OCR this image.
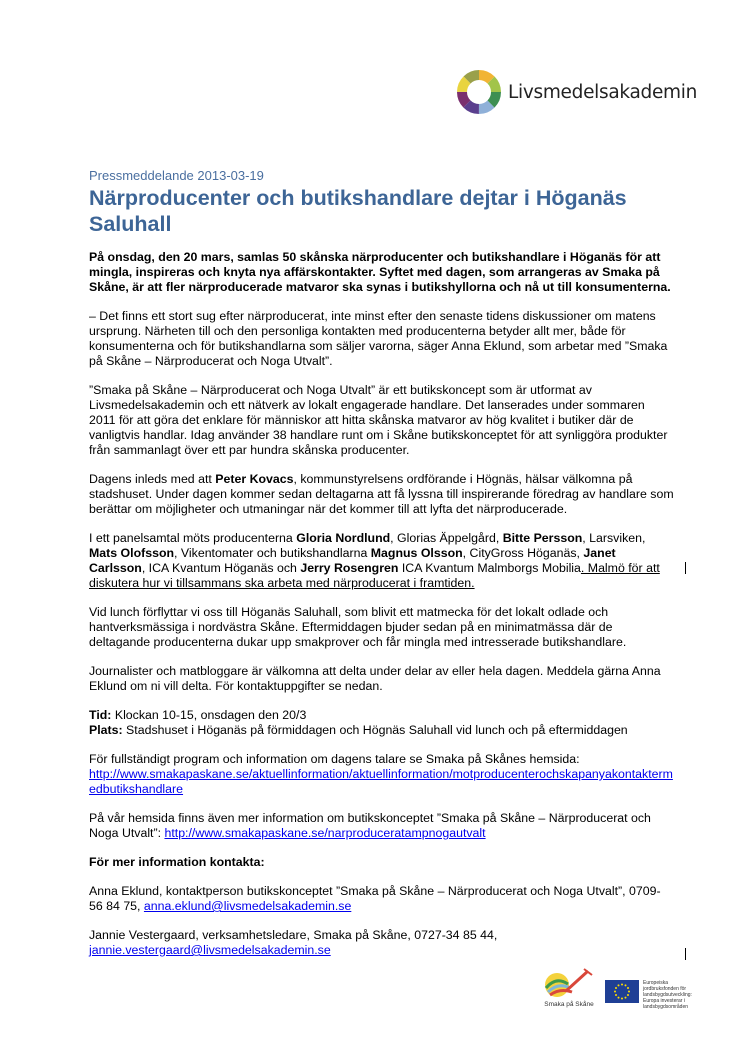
Livsmedelsakademin
Pressmeddelande 2013-03-19
Närproducenter och butikshandlare dejtar i Höganäs Saluhall

På onsdag, den 20 mars, samlas 50 skånska närproducenter och butikshandlare i Höganäs för att mingla, inspireras och knyta nya affärskontakter. Syftet med dagen, som arrangeras av Smaka på Skåne, är att fler närproducerade matvaror ska synas i butikshyllorna och nå ut till konsumenterna.

– Det finns ett stort sug efter närproducerat, inte minst efter den senaste tidens diskussioner om matens ursprung. Närheten till och den personliga kontakten med producenterna betyder allt mer, både för konsumenterna och för butikshandlarna som säljer varorna, säger Anna Eklund, som arbetar med ”Smaka på Skåne – Närproducerat och Noga Utvalt”.

”Smaka på Skåne – Närproducerat och Noga Utvalt” är ett butikskoncept som är utformat av Livsmedelsakademin och ett nätverk av lokalt engagerade handlare. Det lanserades under sommaren 2011 för att göra det enklare för människor att hitta skånska matvaror av hög kvalitet i butiker där de vanligtvis handlar. Idag använder 38 handlare runt om i Skåne butikskonceptet för att synliggöra produkter från sammanlagt över ett par hundra skånska producenter.

Dagens inleds med att Peter Kovacs, kommunstyrelsens ordförande i Högnäs, hälsar välkomna på stadshuset. Under dagen kommer sedan deltagarna att få lyssna till inspirerande föredrag av handlare som berättar om möjligheter och utmaningar när det kommer till att lyfta det närproducerade.

I ett panelsamtal möts producenterna Gloria Nordlund, Glorias Äppelgård, Bitte Persson, Larsviken, Mats Olofsson, Vikentomater och butikshandlarna Magnus Olsson, CityGross Höganäs, Janet Carlsson, ICA Kvantum Höganäs och Jerry Rosengren ICA Kvantum Malmborgs Mobilia. Malmö för att diskutera hur vi tillsammans ska arbeta med närproducerat i framtiden.

Vid lunch förflyttar vi oss till Höganäs Saluhall, som blivit ett matmecka för det lokalt odlade och hantverksmässiga i nordvästra Skåne. Eftermiddagen bjuder sedan på en minimatmässa där de deltagande producenterna dukar upp smakprover och får mingla med intresserade butikshandlare.

Journalister och matbloggare är välkomna att delta under delar av eller hela dagen. Meddela gärna Anna Eklund om ni vill delta. För kontaktuppgifter se nedan.

Tid: Klockan 10-15, onsdagen den 20/3
Plats: Stadshuset i Höganäs på förmiddagen och Högnäs Saluhall vid lunch och på eftermiddagen

För fullständigt program och information om dagens talare se Smaka på Skånes hemsida:
http://www.smakapaskane.se/aktuellinformation/aktuellinformation/motproducenterochskapanyakontaktermedbutikshandlare

På vår hemsida finns även mer information om butikskonceptet ”Smaka på Skåne – Närproducerat och Noga Utvalt”: http://www.smakapaskane.se/narproduceratampnogautvalt

För mer information kontakta:

Anna Eklund, kontaktperson butikskonceptet ”Smaka på Skåne – Närproducerat och Noga Utvalt”, 0709-56 84 75, anna.eklund@livsmedelsakademin.se

Jannie Vestergaard, verksamhetsledare, Smaka på Skåne, 0727-34 85 44,
jannie.vestergaard@livsmedelsakademin.se

Smaka på Skåne
Europeiska jordbruksfonden för landsbygdsutveckling: Europa investerar i landsbygdsområden
